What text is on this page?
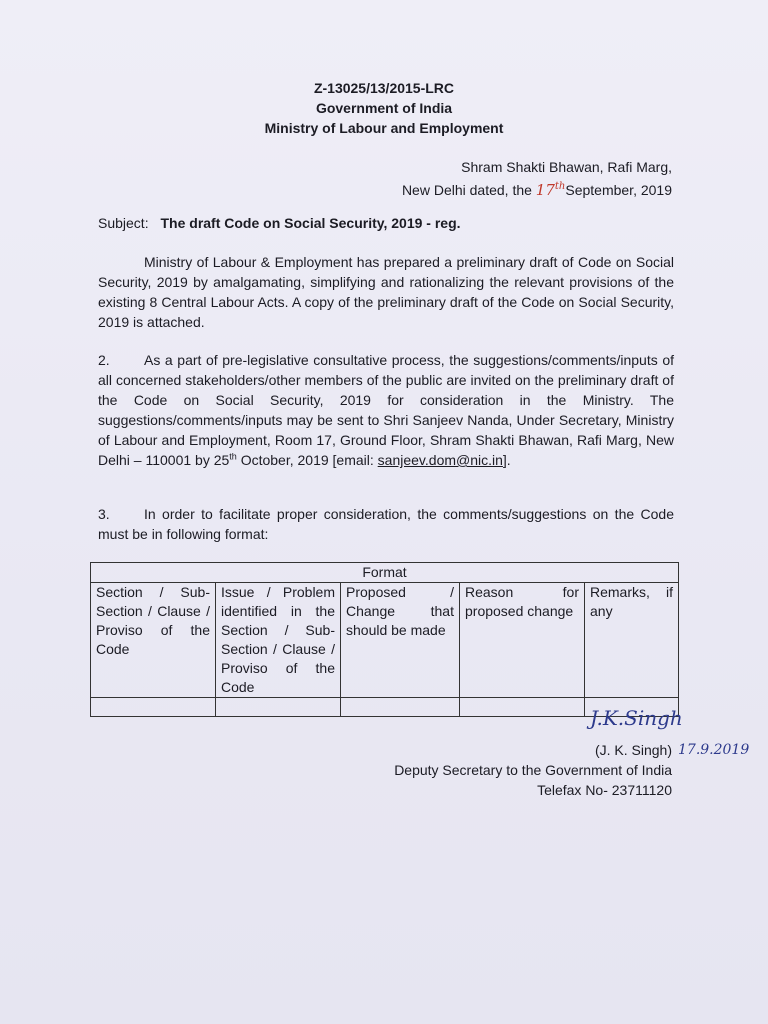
Z-13025/13/2015-LRC
Government of India
Ministry of Labour and Employment
Shram Shakti Bhawan, Rafi Marg,
New Delhi dated, the 17thSeptember, 2019
Subject: The draft Code on Social Security, 2019 - reg.
Ministry of Labour & Employment has prepared a preliminary draft of Code on Social Security, 2019 by amalgamating, simplifying and rationalizing the relevant provisions of the existing 8 Central Labour Acts. A copy of the preliminary draft of the Code on Social Security, 2019 is attached.
2. As a part of pre-legislative consultative process, the suggestions/comments/inputs of all concerned stakeholders/other members of the public are invited on the preliminary draft of the Code on Social Security, 2019 for consideration in the Ministry. The suggestions/comments/inputs may be sent to Shri Sanjeev Nanda, Under Secretary, Ministry of Labour and Employment, Room 17, Ground Floor, Shram Shakti Bhawan, Rafi Marg, New Delhi – 110001 by 25th October, 2019 [email: sanjeev.dom@nic.in].
3. In order to facilitate proper consideration, the comments/suggestions on the Code must be in following format:
Format				
Section / Sub-Section / Clause / Proviso of the Code	Issue / Problem identified in the Section / Sub-Section / Clause / Proviso of the Code	Proposed / Change that should be made	Reason for proposed change	Remarks, if any

J.K.Singh
17.9.2019
(J. K. Singh)
Deputy Secretary to the Government of India
Telefax No- 23711120
